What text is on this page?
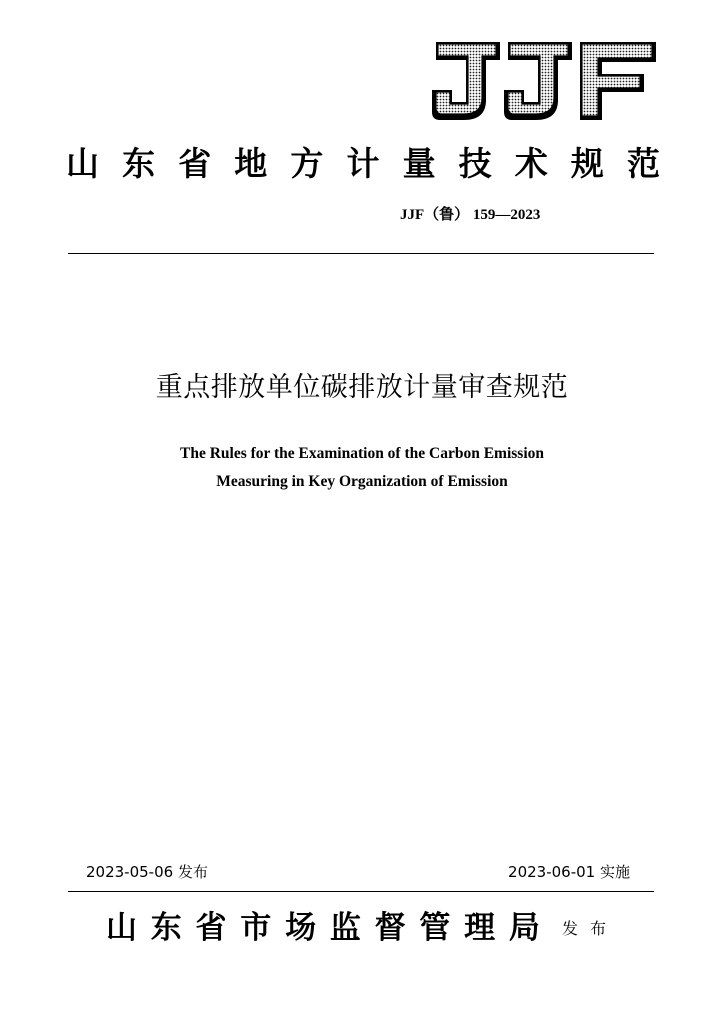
山 东 省 地 方 计 量 技 术 规 范
JJF（鲁） 159—2023
重点排放单位碳排放计量审查规范
The Rules for the Examination of the Carbon Emission
Measuring in Key Organization of Emission
2023-05-06 发布	2023-06-01 实施
山 东 省 市 场 监 督 管 理 局 发布
